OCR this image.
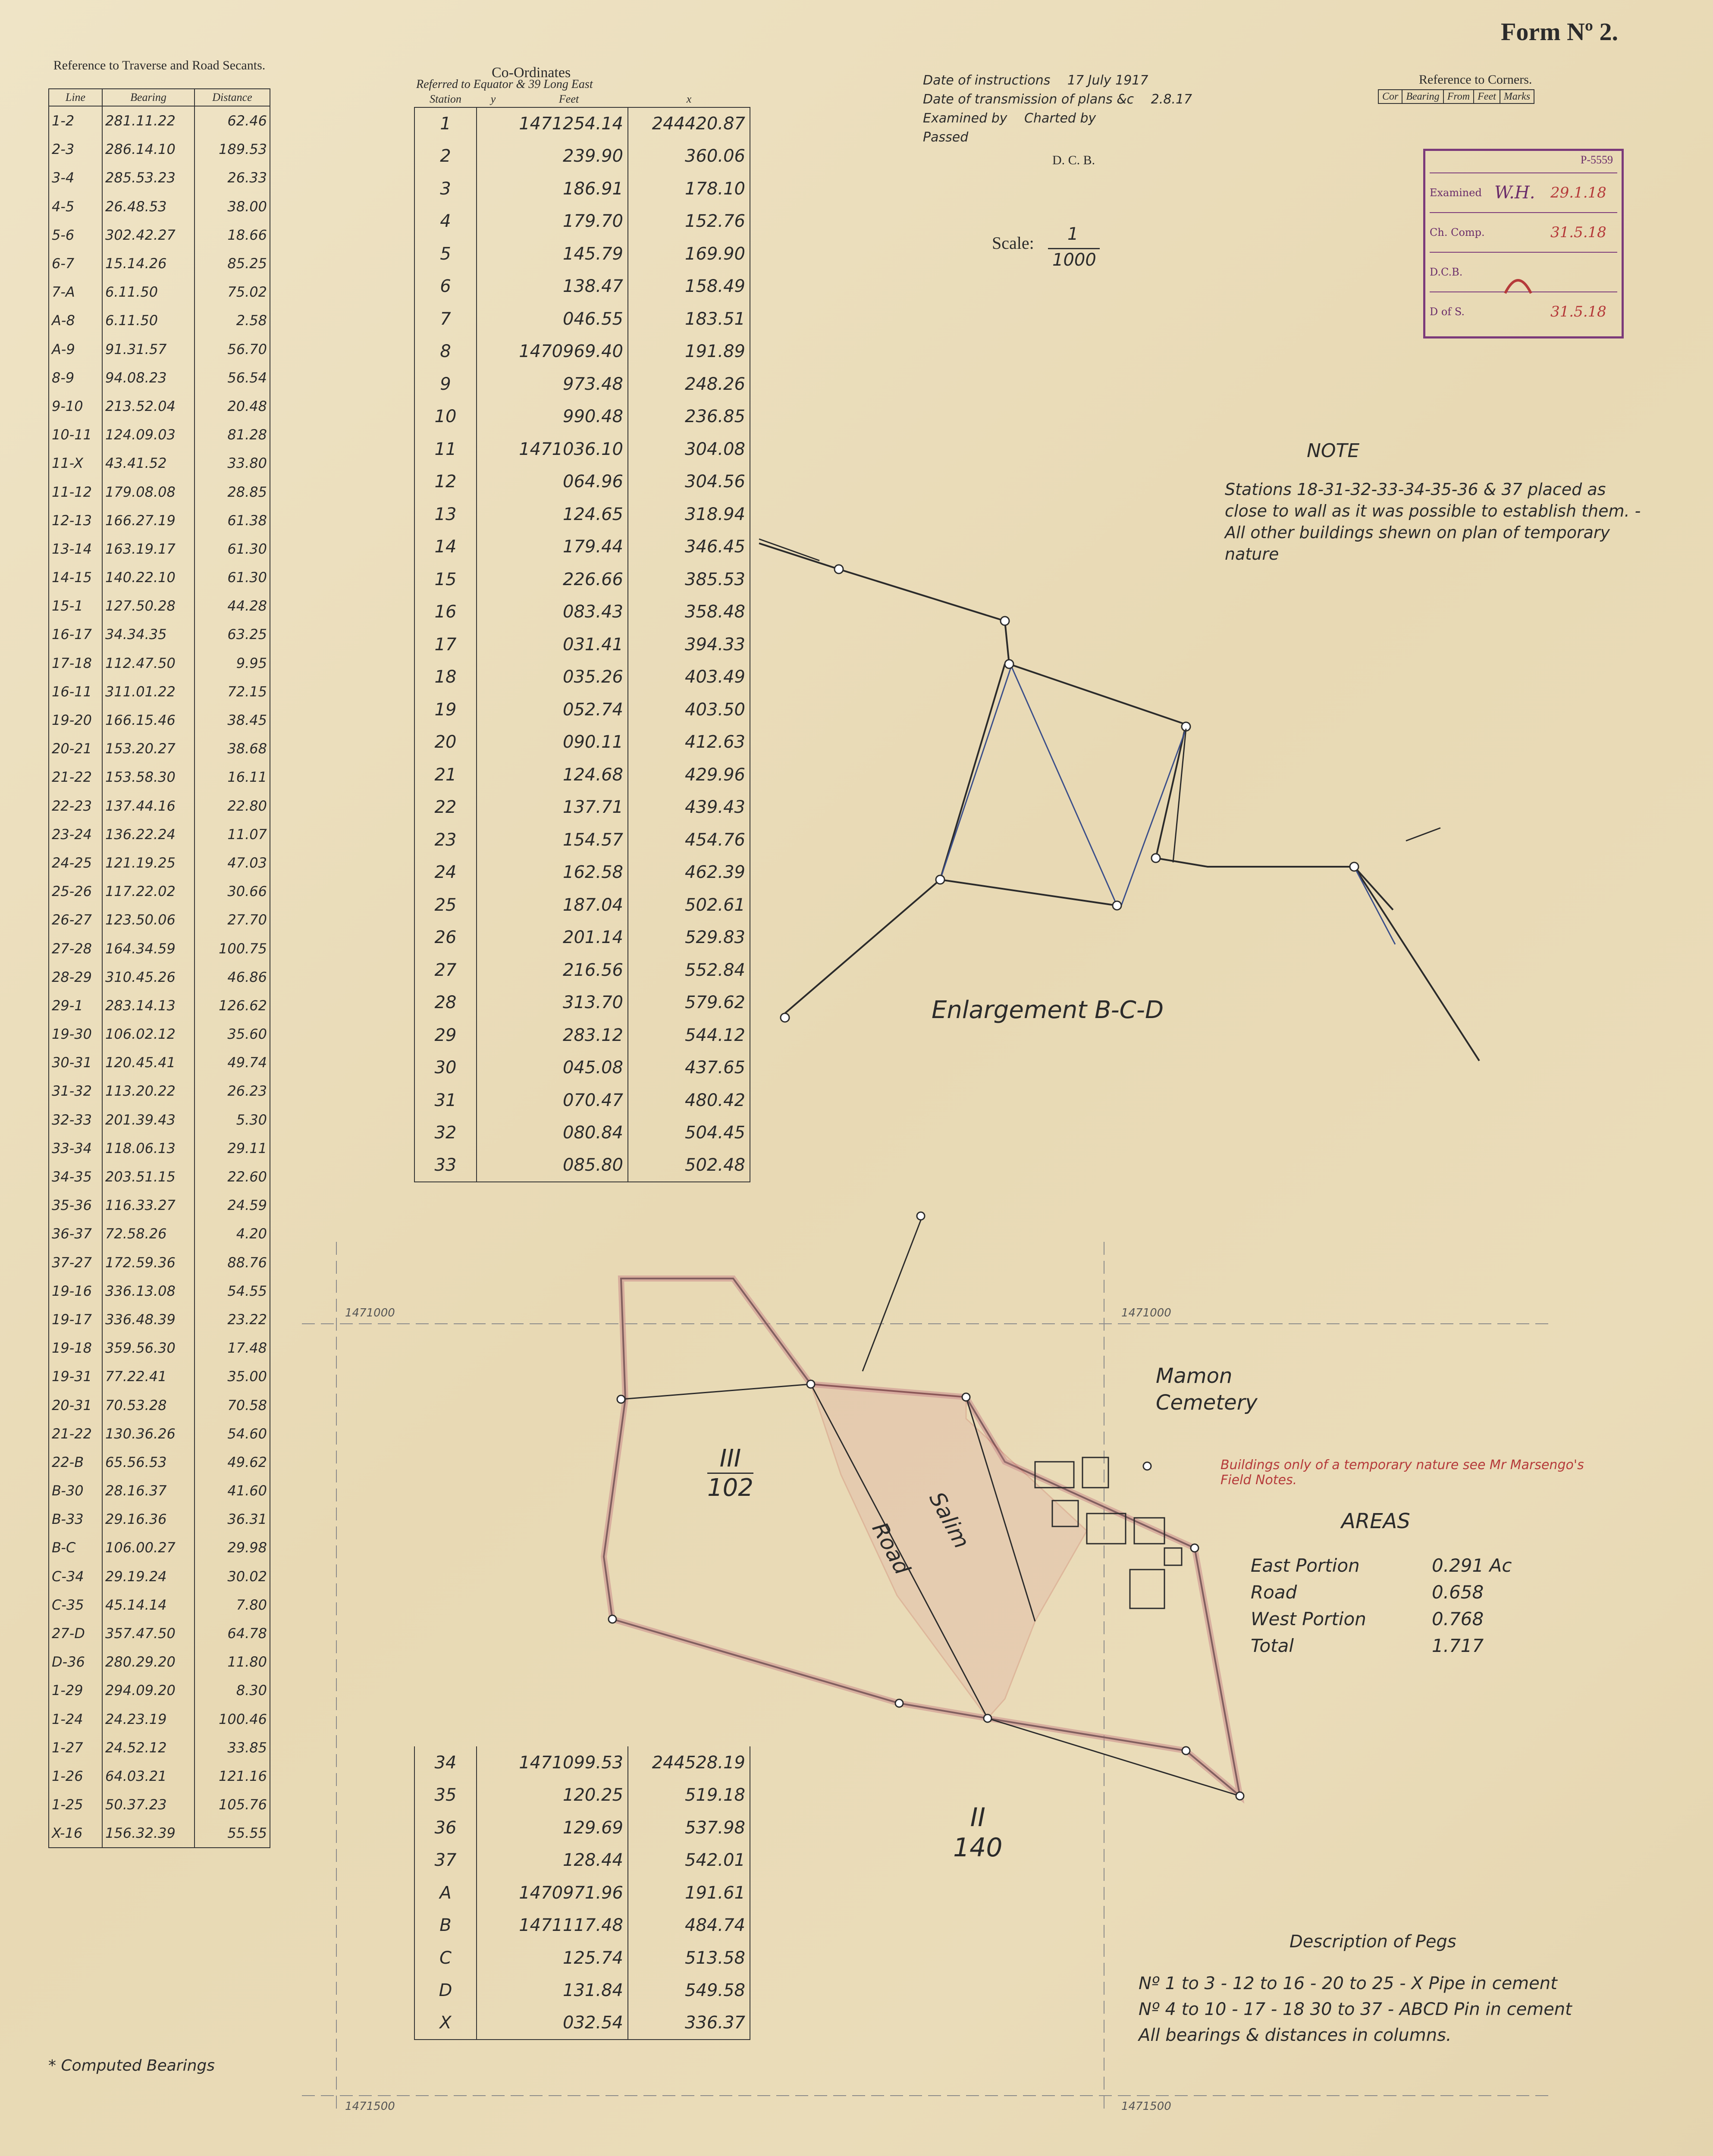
Form Nº 2.
Reference to Traverse and Road Secants.
Line	Bearing	Distance
1-2	281.11.22	62.46
2-3	286.14.10	189.53
3-4	285.53.23	26.33
4-5	26.48.53	38.00
5-6	302.42.27	18.66
6-7	15.14.26	85.25
7-A	6.11.50	75.02
A-8	6.11.50	2.58
A-9	91.31.57	56.70
8-9	94.08.23	56.54
9-10	213.52.04	20.48
10-11	124.09.03	81.28
11-X	43.41.52	33.80
11-12	179.08.08	28.85
12-13	166.27.19	61.38
13-14	163.19.17	61.30
14-15	140.22.10	61.30
15-1	127.50.28	44.28
16-17	34.34.35	63.25
17-18	112.47.50	9.95
16-11	311.01.22	72.15
19-20	166.15.46	38.45
20-21	153.20.27	38.68
21-22	153.58.30	16.11
22-23	137.44.16	22.80
23-24	136.22.24	11.07
24-25	121.19.25	47.03
25-26	117.22.02	30.66
26-27	123.50.06	27.70
27-28	164.34.59	100.75
28-29	310.45.26	46.86
29-1	283.14.13	126.62
19-30	106.02.12	35.60
30-31	120.45.41	49.74
31-32	113.20.22	26.23
32-33	201.39.43	5.30
33-34	118.06.13	29.11
34-35	203.51.15	22.60
35-36	116.33.27	24.59
36-37	72.58.26	4.20
37-27	172.59.36	88.76
19-16	336.13.08	54.55
19-17	336.48.39	23.22
19-18	359.56.30	17.48
19-31	77.22.41	35.00
20-31	70.53.28	70.58
21-22	130.36.26	54.60
22-B	65.56.53	49.62
B-30	28.16.37	41.60
B-33	29.16.36	36.31
B-C	106.00.27	29.98
C-34	29.19.24	30.02
C-35	45.14.14	7.80
27-D	357.47.50	64.78
D-36	280.29.20	11.80
1-29	294.09.20	8.30
1-24	24.23.19	100.46
1-27	24.52.12	33.85
1-26	64.03.21	121.16
1-25	50.37.23	105.76
X-16	156.32.39	55.55
* Computed Bearings
Co-Ordinates
Referred to Equator & 39 Long East
Station	y	Feet	x
1	1471254.14		244420.87
2	239.90		360.06
3	186.91		178.10
4	179.70		152.76
5	145.79		169.90
6	138.47		158.49
7	046.55		183.51
8	1470969.40		191.89
9	973.48		248.26
10	990.48		236.85
11	1471036.10		304.08
12	064.96		304.56
13	124.65		318.94
14	179.44		346.45
15	226.66		385.53
16	083.43		358.48
17	031.41		394.33
18	035.26		403.49
19	052.74		403.50
20	090.11		412.63
21	124.68		429.96
22	137.71		439.43
23	154.57		454.76
24	162.58		462.39
25	187.04		502.61
26	201.14		529.83
27	216.56		552.84
28	313.70		579.62
29	283.12		544.12
30	045.08		437.65
31	070.47		480.42
32	080.84		504.45
33	085.80		502.48
34	1471099.53	244528.19
35	120.25	519.18
36	129.69	537.98
37	128.44	542.01
A	1470971.96	191.61
B	1471117.48	484.74
C	125.74	513.58
D	131.84	549.58
X	032.54	336.37
Date of instructions 17 July 1917
Date of transmission of plans &c 2.8.17
Examined by Charted by
Passed
D. C. B.
Reference to Corners.
Cor	Bearing	From	Feet	Marks
P-5559
Examined W.H.	29.1.18
Ch. Comp.	31.5.18
D.C.B.
D of S.	31.5.18
Scale: 1
1000
NOTE
Stations 18-31-32-33-34-35-36 & 37 placed as close to wall as it was possible to establish them. - All other buildings shewn on plan of temporary nature
Enlargement B-C-D
Mamon Cemetery
Buildings only of a temporary nature see Mr Marsengo's Field Notes.
Salim Road
III
102
II
140
AREAS
East Portion	0.291 Ac
Road	0.658
West Portion	0.768
Total	1.717
Description of Pegs
Nº 1 to 3 - 12 to 16 - 20 to 25 - X Pipe in cement
Nº 4 to 10 - 17 - 18 30 to 37 - ABCD Pin in cement
All bearings & distances in columns.
1471000	1471000
1471500	1471500
